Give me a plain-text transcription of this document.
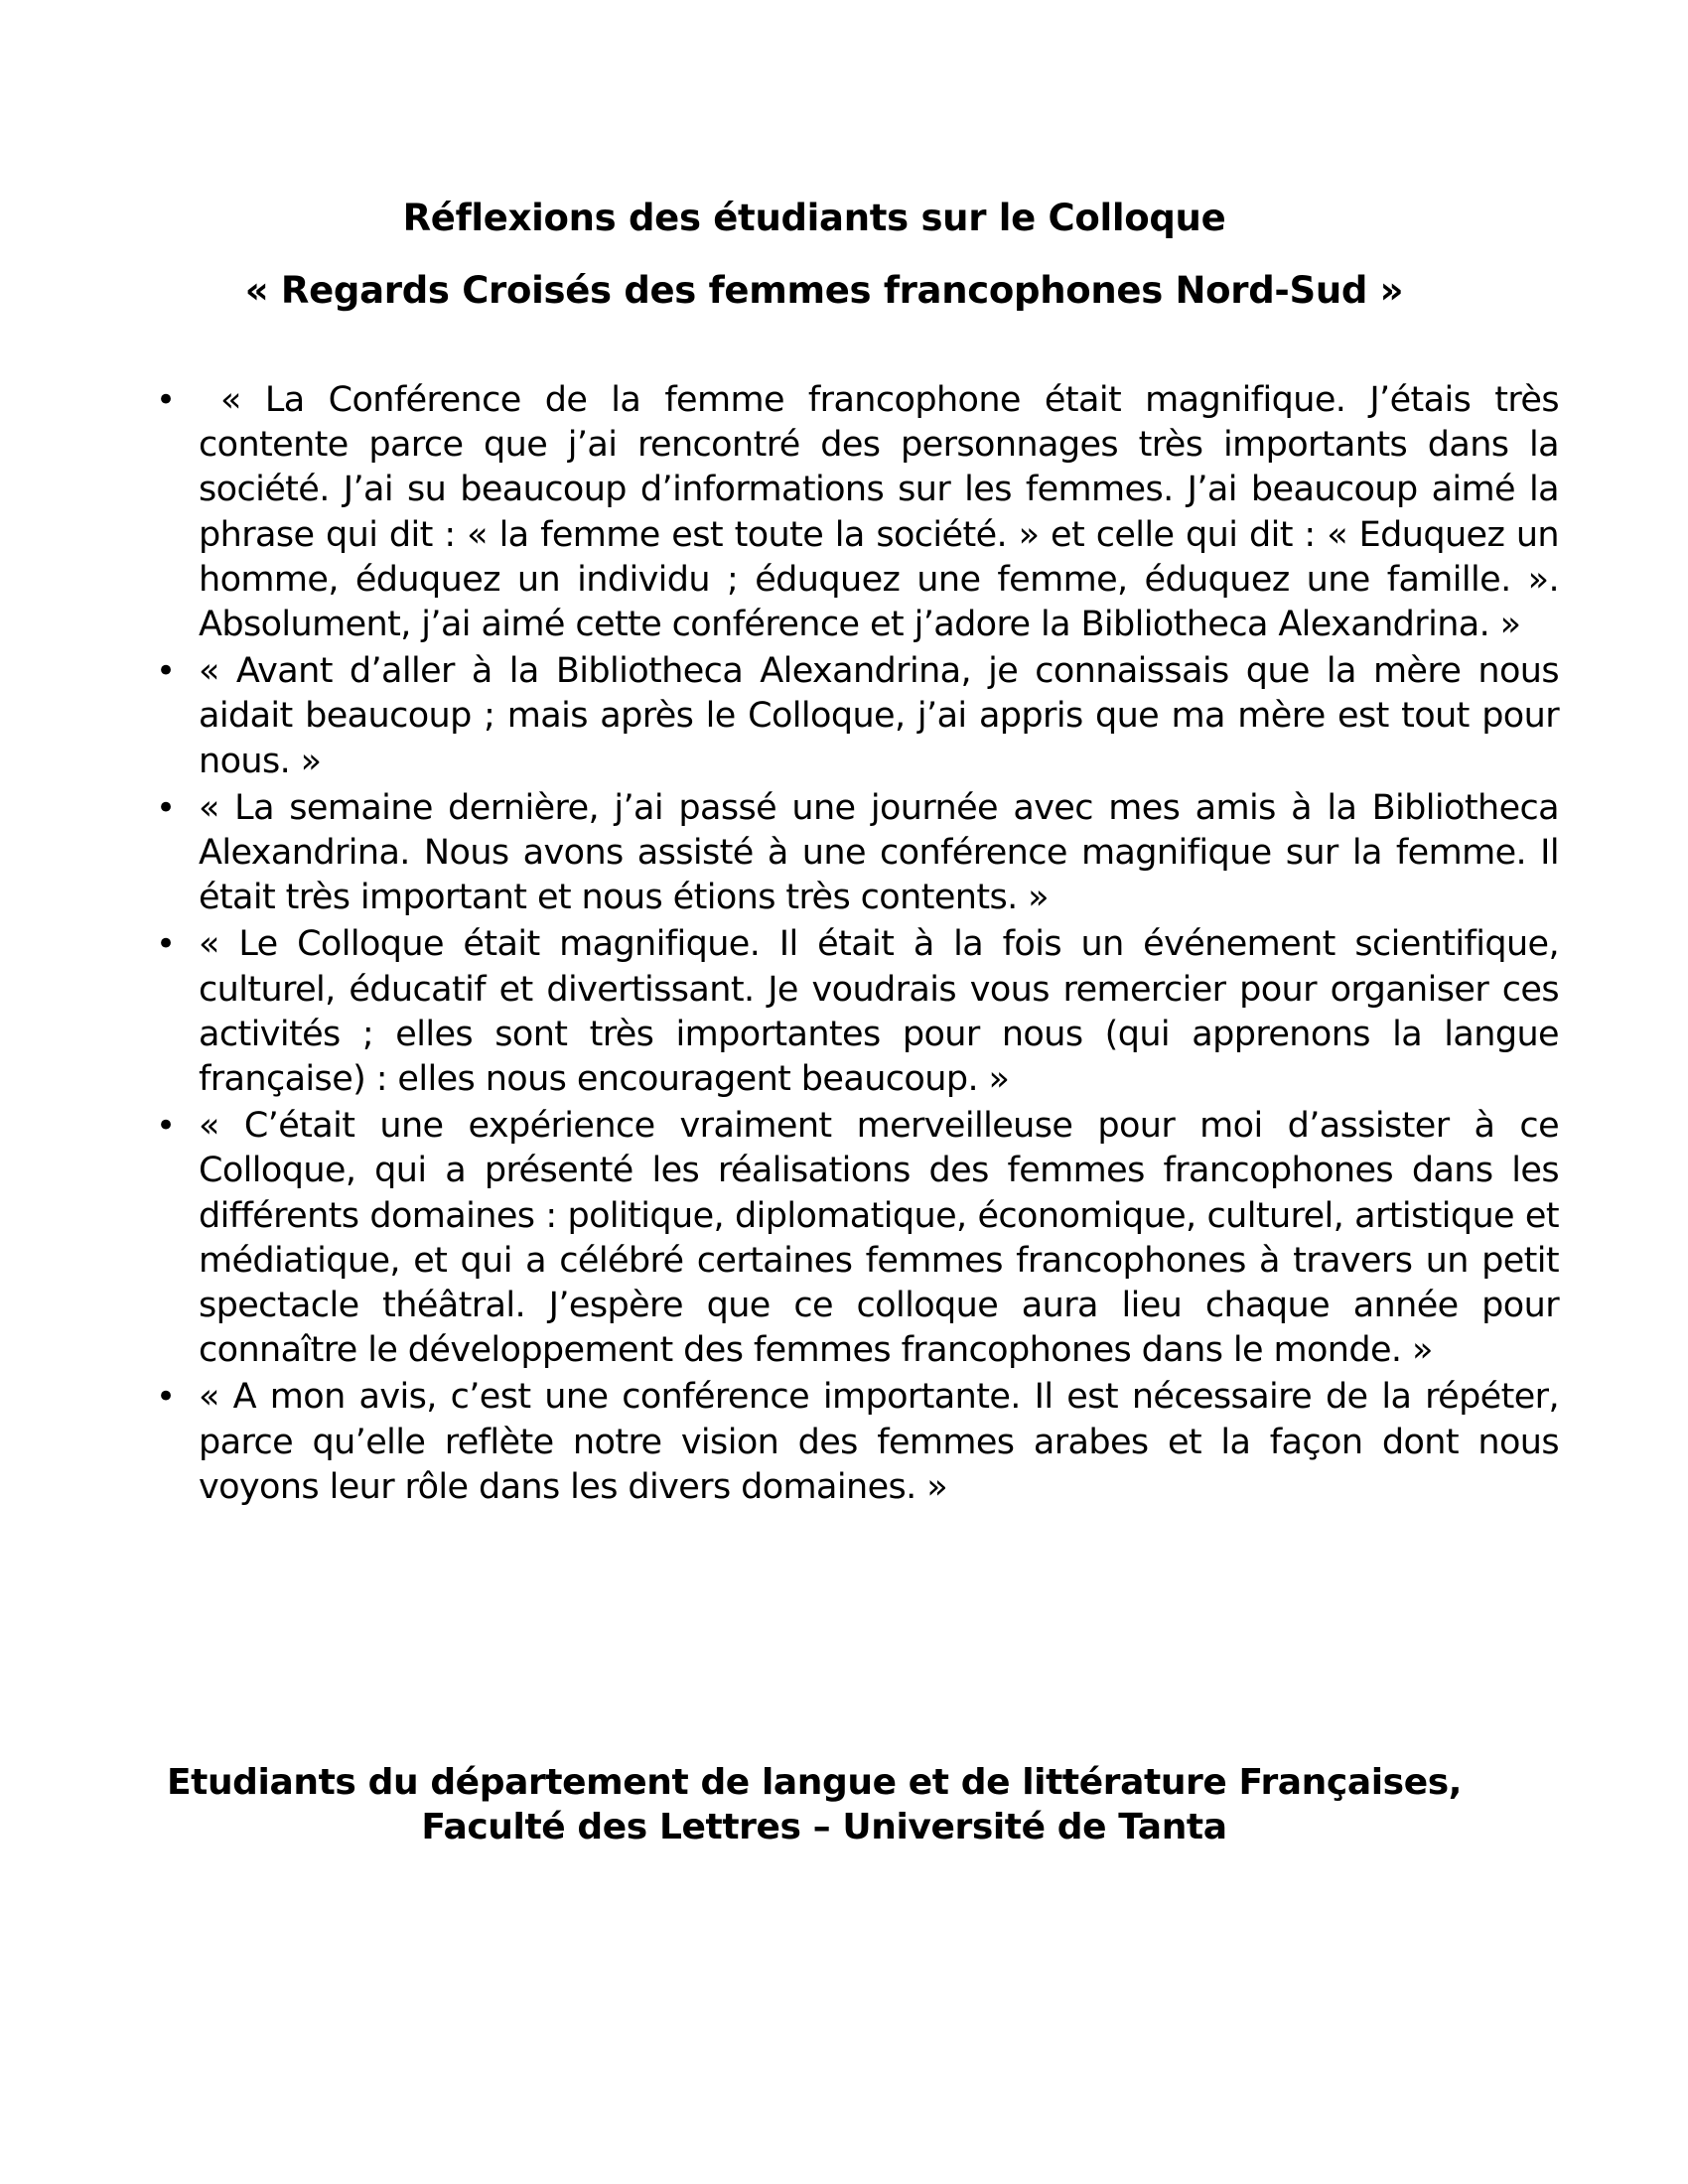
Réflexions des étudiants sur le Colloque
« Regards Croisés des femmes francophones Nord-Sud »
• « La Conférence de la femme francophone était magnifique. J’étais très contente parce que j’ai rencontré des personnages très importants dans la société. J’ai su beaucoup d’informations sur les femmes. J’ai beaucoup aimé la phrase qui dit : « la femme est toute la société. » et celle qui dit : « Eduquez un homme, éduquez un individu ; éduquez une femme, éduquez une famille. ». Absolument, j’ai aimé cette conférence et j’adore la Bibliotheca Alexandrina. »
• « Avant d’aller à la Bibliotheca Alexandrina, je connaissais que la mère nous aidait beaucoup ; mais après le Colloque, j’ai appris que ma mère est tout pour nous. »
• « La semaine dernière, j’ai passé une journée avec mes amis à la Bibliotheca Alexandrina. Nous avons assisté à une conférence magnifique sur la femme. Il était très important et nous étions très contents. »
• « Le Colloque était magnifique. Il était à la fois un événement scientifique, culturel, éducatif et divertissant. Je voudrais vous remercier pour organiser ces activités ; elles sont très importantes pour nous (qui apprenons la langue française) : elles nous encouragent beaucoup. »
• « C’était une expérience vraiment merveilleuse pour moi d’assister à ce Colloque, qui a présenté les réalisations des femmes francophones dans les différents domaines : politique, diplomatique, économique, culturel, artistique et médiatique, et qui a célébré certaines femmes francophones à travers un petit spectacle théâtral. J’espère que ce colloque aura lieu chaque année pour connaître le développement des femmes francophones dans le monde. »
• « A mon avis, c’est une conférence importante. Il est nécessaire de la répéter, parce qu’elle reflète notre vision des femmes arabes et la façon dont nous voyons leur rôle dans les divers domaines. »
Etudiants du département de langue et de littérature Françaises,
Faculté des Lettres – Université de Tanta
